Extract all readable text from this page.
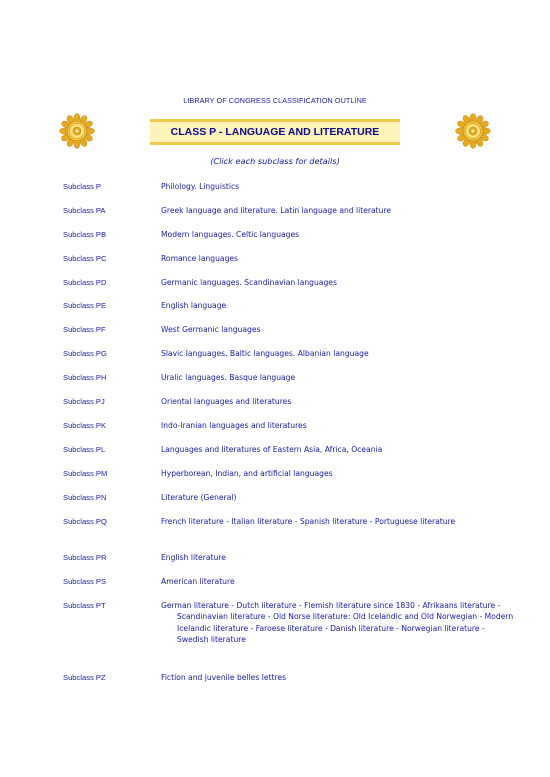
LIBRARY OF CONGRESS CLASSIFICATION OUTLINE
CLASS P - LANGUAGE AND LITERATURE
(Click each subclass for details)
Subclass P	Philology. Linguistics
Subclass PA	Greek language and literature. Latin language and literature
Subclass PB	Modern languages. Celtic languages
Subclass PC	Romance languages
Subclass PD	Germanic languages. Scandinavian languages
Subclass PE	English language
Subclass PF	West Germanic languages
Subclass PG	Slavic languages. Baltic languages. Albanian language
Subclass PH	Uralic languages. Basque language
Subclass PJ	Oriental languages and literatures
Subclass PK	Indo-Iranian languages and literatures
Subclass PL	Languages and literatures of Eastern Asia, Africa, Oceania
Subclass PM	Hyperborean, Indian, and artificial languages
Subclass PN	Literature (General)
Subclass PQ	French literature - Italian literature - Spanish literature - Portuguese literature
Subclass PR	English literature
Subclass PS	American literature
Subclass PT	German literature - Dutch literature - Flemish literature since 1830 - Afrikaans literature - Scandinavian literature - Old Norse literature: Old Icelandic and Old Norwegian - Modern Icelandic literature - Faroese literature - Danish literature - Norwegian literature - Swedish literature
Subclass PZ	Fiction and juvenile belles lettres
